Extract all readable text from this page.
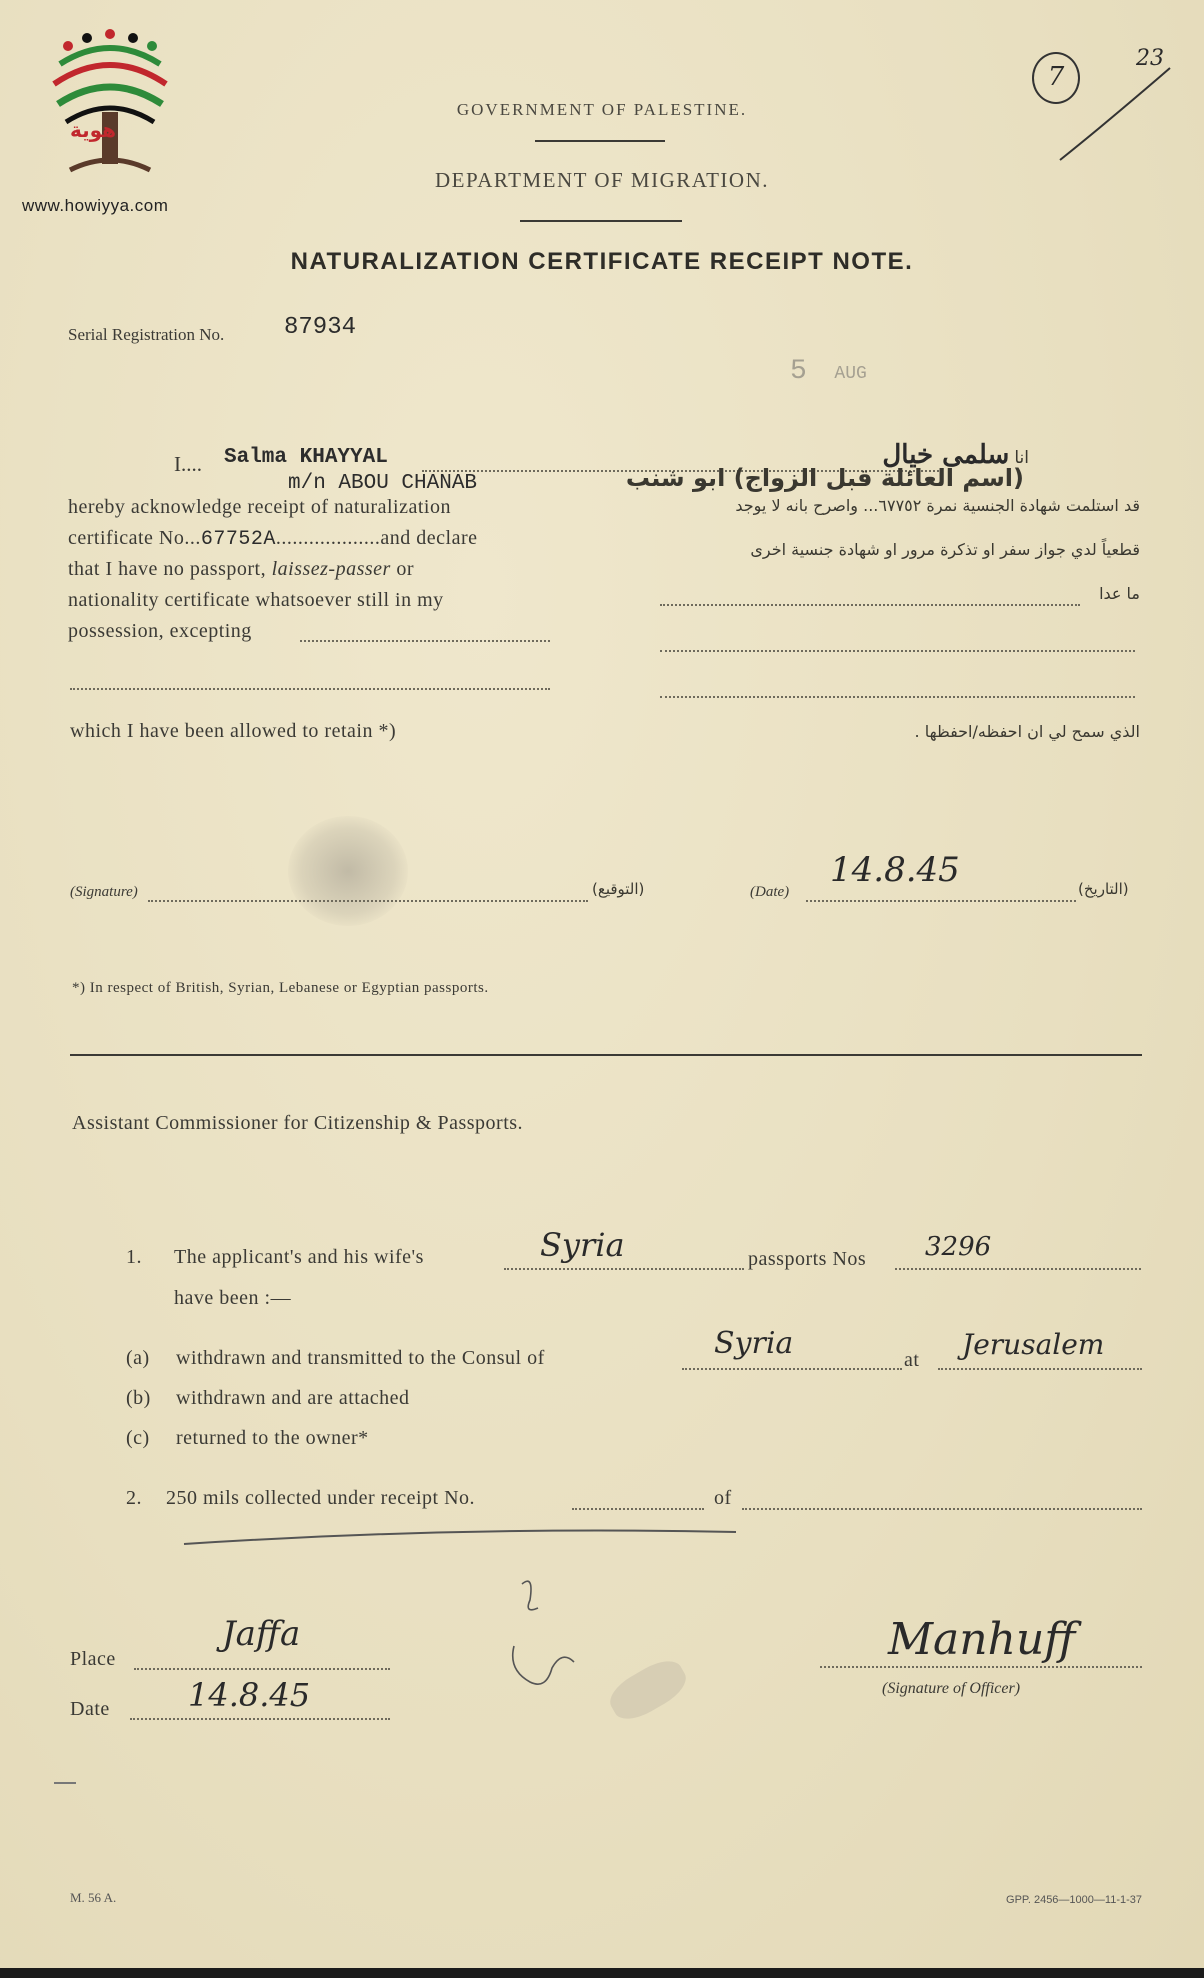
هوية
www.howiyya.com
23
7
GOVERNMENT OF PALESTINE.
DEPARTMENT OF MIGRATION.
NATURALIZATION CERTIFICATE RECEIPT NOTE.
Serial Registration No. 87934
5 AUG
I.... Salma KHAYYAL
m/n ABOU CHANAB
hereby acknowledge receipt of naturalization
certificate No...67752A...................and declare
that I have no passport, laissez-passer or
nationality certificate whatsoever still in my
possession, excepting
which I have been allowed to retain *)
انا سلمى خيال
(اسم العائلة قبل الزواج) ابو شنب
قد استلمت شهادة الجنسية نمرة ٦٧٧٥٢... واصرح بانه لا يوجد
قطعياً لدي جواز سفر او تذكرة مرور او شهادة جنسية اخرى
ما عدا
الذي سمح لي ان احفظه/احفظها .
(Signature)	(التوقيع)	(Date)
14.8.45	(التاريخ)
*) In respect of British, Syrian, Lebanese or Egyptian passports.
Assistant Commissioner for Citizenship & Passports.
1. The applicant's and his wife's	Syria	passports Nos 3296
have been :—
(a) withdrawn and transmitted to the Consul of	Syria	at Jerusalem
(b) withdrawn and are attached
(c) returned to the owner*
2. 250 mils collected under receipt No.	of
Place
Jaffa
Date 14.8.45
Manhuff
(Signature of Officer)
M. 56 A.	GPP. 2456—1000—11-1-37
